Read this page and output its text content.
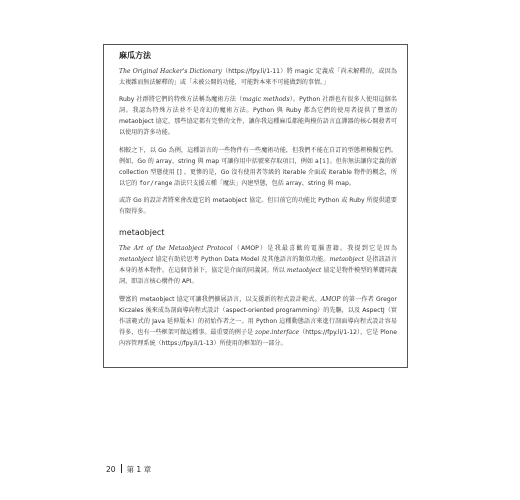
麻瓜方法

The Original Hacker's Dictionary（https://fpy.li/1-11）將 magic 定義成「尚未解釋的，或因為太複雜而無法解釋的」或「未被公開的功能，可能對本來不可能做到的事情。」

Ruby 社群將它們的特殊方法稱為魔術方法（magic methods）。Python 社群也有很多人使用這個名詞。我認為特殊方法並不是奇幻的魔術方法。Python 與 Ruby 都為它們的使用者提供了豐富的 metaobject 協定，那些協定都有完整的文件，讓你我這種麻瓜都能夠模仿語言直譯器的核心開發者可以使用的許多功能。

相較之下，以 Go 為例，這種語言的一些物件有一些魔術功能，但我們不能在自訂的型態裡模擬它們。例如，Go 的 array、string 與 map 可讓你用中括號來存取項目，例如 a[i]。但你無法讓你定義的新 collection 型態使用 [] 。更慘的是，Go 沒有使用者等級的 iterable 介面或 iterable 物件的概念，所以它的 for/range 語法只支援五種「魔法」內建型態，包括 array、string 與 map。

或許 Go 的設計者將來會改進它的 metaobject 協定。但目前它的功能比 Python 或 Ruby 所提供還要有限得多。

metaobject

The Art of the Metaobject Protocol（AMOP）是我最喜歡的電腦書籍。我提到它是因為 metaobject 協定有助於思考 Python Data Model 及其他語言的類似功能。metaobject 是指該語言本身的基本物件。在這個背景下，協定是介面的同義詞。所以 metaobject 協定是物件模型的華麗同義詞，即語言核心構件的 API。

豐富的 metaobject 協定可讓我們擴展語言，以支援新的程式設計範式。AMOP 的第一作者 Gregor Kiczales 後來成為剖面導向程式設計（aspect-oriented programming）的先驅，以及 AspectJ（實作該範式的 Java 延伸版本）的初始作者之一。用 Python 這種動態語言來進行剖面導向程式設計容易得多，也有一些框架可做這種事。最重要的例子是 zope.interface（https://fpy.li/1-12），它是 Plone 內容管理系統（https://fpy.li/1-13）所使用的框架的一部分。

20 第 1 章
